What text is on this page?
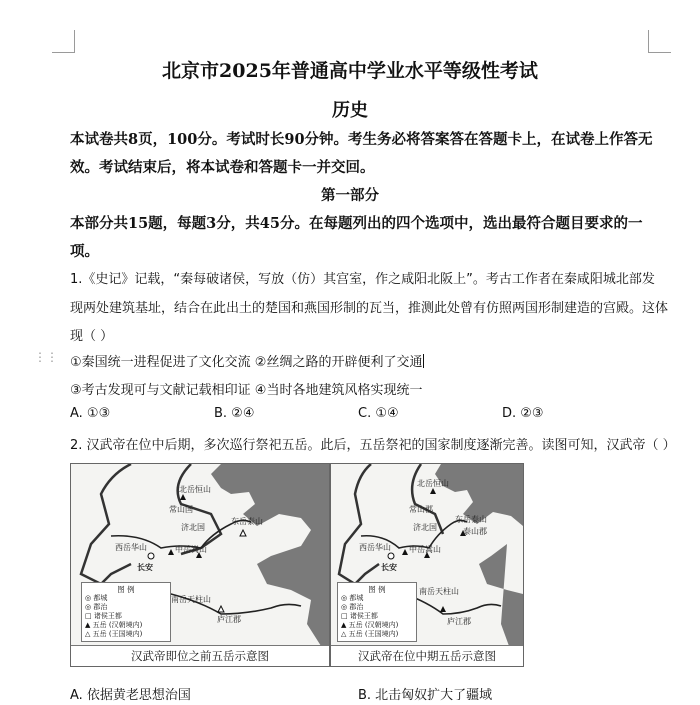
北京市2025年普通高中学业水平等级性考试
历史
本试卷共8页，100分。考试时长90分钟。考生务必将答案答在答题卡上，在试卷上作答无
效。考试结束后，将本试卷和答题卡一并交回。
第一部分
本部分共15题，每题3分，共45分。在每题列出的四个选项中，选出最符合题目要求的一
项。
1.《史记》记载，“秦每破诸侯，写放（仿）其宫室，作之咸阳北阪上”。考古工作者在秦咸阳城北部发
现两处建筑基址，结合在此出土的楚国和燕国形制的瓦当，推测此处曾有仿照两国形制建造的宫殿。这体
现（ ）
⋮⋮ ①秦国统一进程促进了文化交流 ②丝绸之路的开辟便利了交通
③考古发现可与文献记载相印证 ④当时各地建筑风格实现统一
A. ①③	B. ②④	C. ①④	D. ②③
2. 汉武帝在位中后期，多次巡行祭祀五岳。此后，五岳祭祀的国家制度逐渐完善。读图可知，汉武帝（ ）
北岳恒山
常山国
济北国
东岳泰山
西岳华山	中岳嵩山
长安
南岳天柱山
庐江郡
图 例
◎ 都城
◎ 郡治
□ 诸侯王都
▲ 五岳 (汉朝境内)
△ 五岳 (王国境内)
汉武帝即位之前五岳示意图
北岳恒山
常山郡
济北国
东岳泰山
泰山郡
西岳华山 中岳嵩山
长安
南岳天柱山
庐江郡
图 例
◎ 都城
◎ 郡治
□ 诸侯王都
▲ 五岳 (汉朝境内)
△ 五岳 (王国境内)
汉武帝在位中期五岳示意图
A. 依据黄老思想治国	B. 北击匈奴扩大了疆域
